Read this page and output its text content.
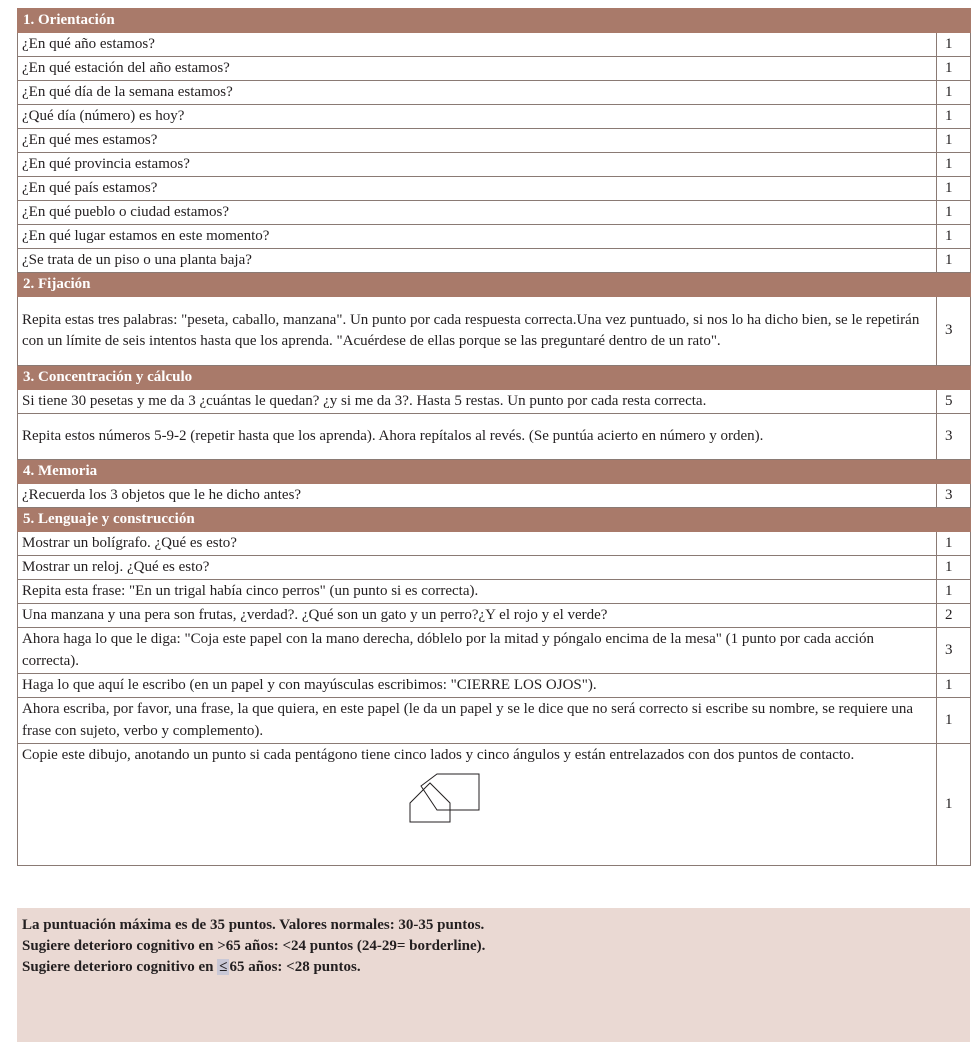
1. Orientación	
¿En qué año estamos?	1
¿En qué estación del año estamos?	1
¿En qué día de la semana estamos?	1
¿Qué día (número) es hoy?	1
¿En qué mes estamos?	1
¿En qué provincia estamos?	1
¿En qué país estamos?	1
¿En qué pueblo o ciudad estamos?	1
¿En qué lugar estamos en este momento?	1
¿Se trata de un piso o una planta baja?	1
2. Fijación	
Repita estas tres palabras: "peseta, caballo, manzana". Un punto por cada respuesta correcta.Una vez puntuado, si nos lo ha dicho bien, se le repetirán con un límite de seis intentos hasta que los aprenda. "Acuérdese de ellas porque se las preguntaré dentro de un rato".	3
3. Concentración y cálculo	
Si tiene 30 pesetas y me da 3 ¿cuántas le quedan? ¿y si me da 3?. Hasta 5 restas. Un punto por cada resta correcta.	5
Repita estos números 5-9-2 (repetir hasta que los aprenda). Ahora repítalos al revés. (Se puntúa acierto en número y orden).	3
4. Memoria	
¿Recuerda los 3 objetos que le he dicho antes?	3
5. Lenguaje y construcción	
Mostrar un bolígrafo. ¿Qué es esto?	1
Mostrar un reloj. ¿Qué es esto?	1
Repita esta frase: "En un trigal había cinco perros" (un punto si es correcta).	1
Una manzana y una pera son frutas, ¿verdad?. ¿Qué son un gato y un perro?¿Y el rojo y el verde?	2
Ahora haga lo que le diga: "Coja este papel con la mano derecha, dóblelo por la mitad y póngalo encima de la mesa" (1 punto por cada acción correcta).	3
Haga lo que aquí le escribo (en un papel y con mayúsculas escribimos: "CIERRE LOS OJOS").	1
Ahora escriba, por favor, una frase, la que quiera, en este papel (le da un papel y se le dice que no será correcto si escribe su nombre, se requiere una frase con sujeto, verbo y complemento).	1

Copie este dibujo, anotando un punto si cada pentágono tiene cinco lados y cinco ángulos y están entrelazados con dos puntos de contacto.	1
La puntuación máxima es de 35 puntos. Valores normales: 30-35 puntos.
Sugiere deterioro cognitivo en >65 años: <24 puntos (24-29= borderline).
Sugiere deterioro cognitivo en ≤ 65 años: <28 puntos.
